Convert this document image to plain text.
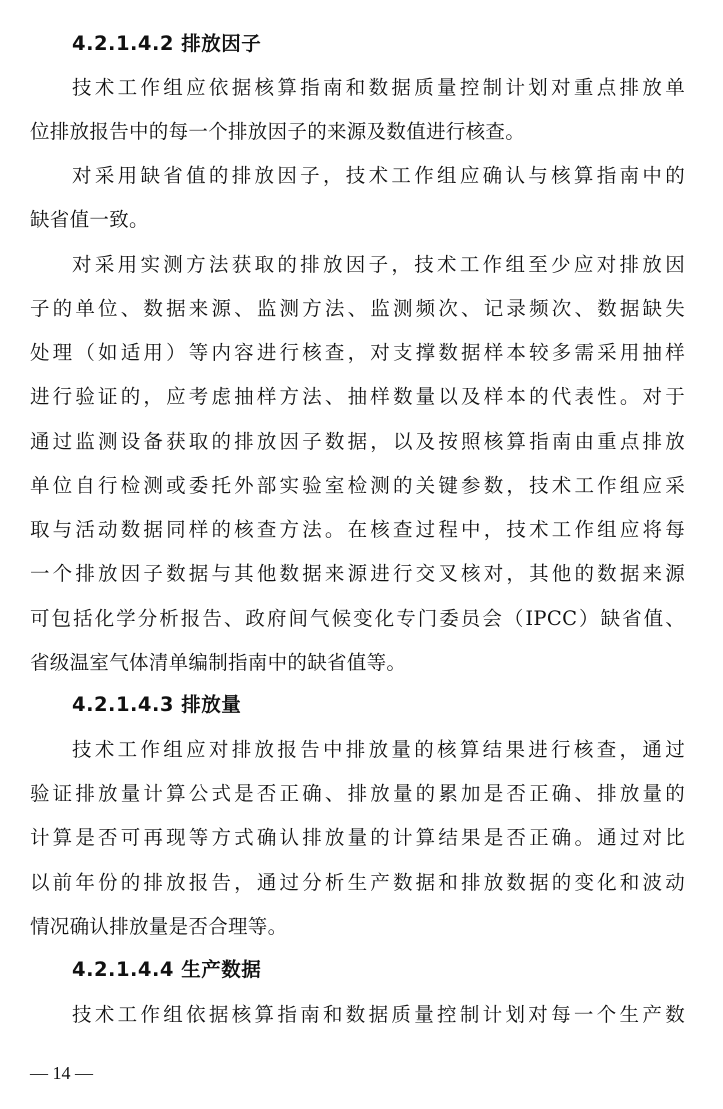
4.2.1.4.2 排放因子
技术工作组应依据核算指南和数据质量控制计划对重点排放单
位排放报告中的每一个排放因子的来源及数值进行核查。
对采用缺省值的排放因子，技术工作组应确认与核算指南中的
缺省值一致。
对采用实测方法获取的排放因子，技术工作组至少应对排放因
子的单位、数据来源、监测方法、监测频次、记录频次、数据缺失
处理（如适用）等内容进行核查，对支撑数据样本较多需采用抽样
进行验证的，应考虑抽样方法、抽样数量以及样本的代表性。对于
通过监测设备获取的排放因子数据，以及按照核算指南由重点排放
单位自行检测或委托外部实验室检测的关键参数，技术工作组应采
取与活动数据同样的核查方法。在核查过程中，技术工作组应将每
一个排放因子数据与其他数据来源进行交叉核对，其他的数据来源
可包括化学分析报告、政府间气候变化专门委员会（IPCC）缺省值、
省级温室气体清单编制指南中的缺省值等。
4.2.1.4.3 排放量
技术工作组应对排放报告中排放量的核算结果进行核查，通过
验证排放量计算公式是否正确、排放量的累加是否正确、排放量的
计算是否可再现等方式确认排放量的计算结果是否正确。通过对比
以前年份的排放报告，通过分析生产数据和排放数据的变化和波动
情况确认排放量是否合理等。
4.2.1.4.4 生产数据
技术工作组依据核算指南和数据质量控制计划对每一个生产数
— 14 —
